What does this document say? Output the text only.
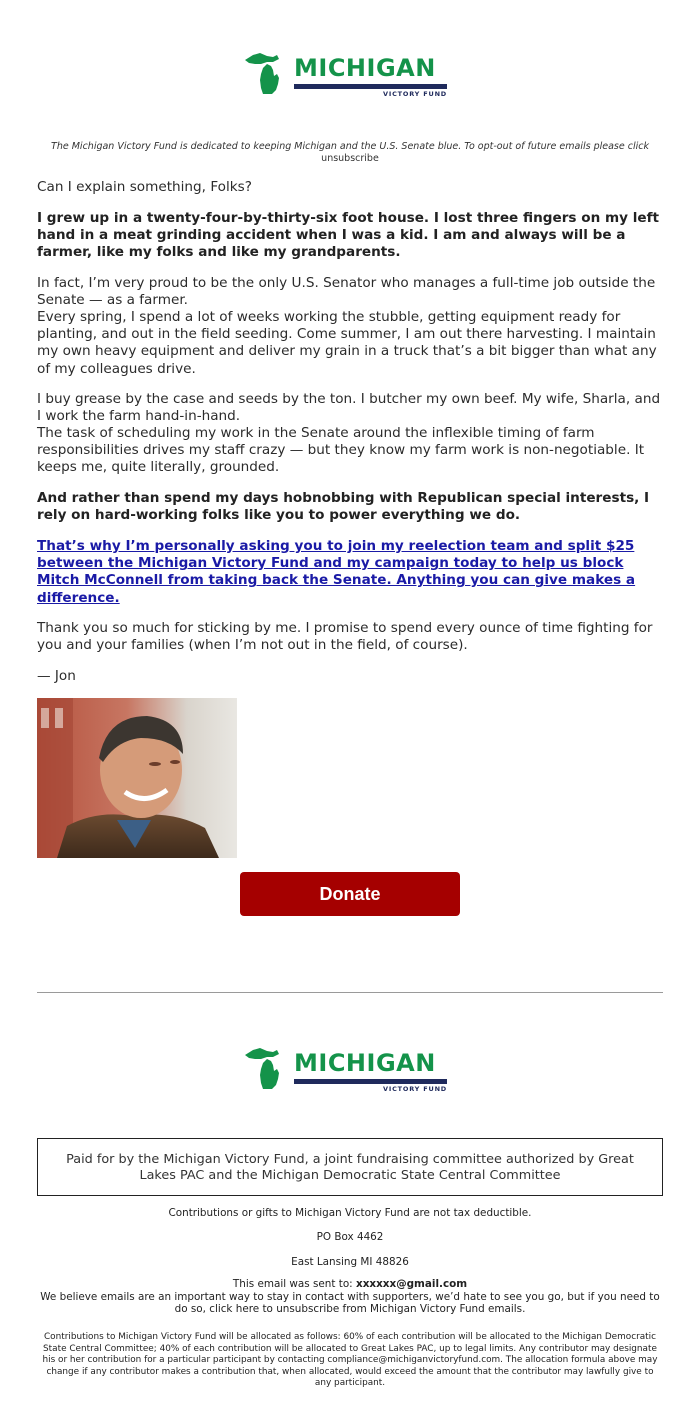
MICHIGAN
VICTORY FUND
The Michigan Victory Fund is dedicated to keeping Michigan and the U.S. Senate blue. To opt-out of future emails please click unsubscribe

Can I explain something, Folks?

I grew up in a twenty-four-by-thirty-six foot house. I lost three fingers on my left hand in a meat grinding accident when I was a kid. I am and always will be a farmer, like my folks and like my grandparents.

In fact, I’m very proud to be the only U.S. Senator who manages a full-time job outside the Senate — as a farmer.

Every spring, I spend a lot of weeks working the stubble, getting equipment ready for planting, and out in the field seeding. Come summer, I am out there harvesting. I maintain my own heavy equipment and deliver my grain in a truck that’s a bit bigger than what any of my colleagues drive.

I buy grease by the case and seeds by the ton. I butcher my own beef. My wife, Sharla, and I work the farm hand-in-hand.

The task of scheduling my work in the Senate around the inflexible timing of farm responsibilities drives my staff crazy — but they know my farm work is non-negotiable. It keeps me, quite literally, grounded.

And rather than spend my days hobnobbing with Republican special interests, I rely on hard-working folks like you to power everything we do.

That’s why I’m personally asking you to join my reelection team and split $25 between the Michigan Victory Fund and my campaign today to help us block Mitch McConnell from taking back the Senate. Anything you can give makes a difference.

Thank you so much for sticking by me. I promise to spend every ounce of time fighting for you and your families (when I’m not out in the field, of course).

— Jon

Donate
MICHIGAN
VICTORY FUND
Paid for by the Michigan Victory Fund, a joint fundraising committee authorized by Great Lakes PAC and the Michigan Democratic State Central Committee
Contributions or gifts to Michigan Victory Fund are not tax deductible.
PO Box 4462
East Lansing MI 48826
This email was sent to: xxxxxx@gmail.com
We believe emails are an important way to stay in contact with supporters, we’d hate to see you go, but if you need to do so, click here to unsubscribe from Michigan Victory Fund emails.
Contributions to Michigan Victory Fund will be allocated as follows: 60% of each contribution will be allocated to the Michigan Democratic State Central Committee; 40% of each contribution will be allocated to Great Lakes PAC, up to legal limits. Any contributor may designate his or her contribution for a particular participant by contacting compliance@michiganvictoryfund.com. The allocation formula above may change if any contributor makes a contribution that, when allocated, would exceed the amount that the contributor may lawfully give to any participant.
